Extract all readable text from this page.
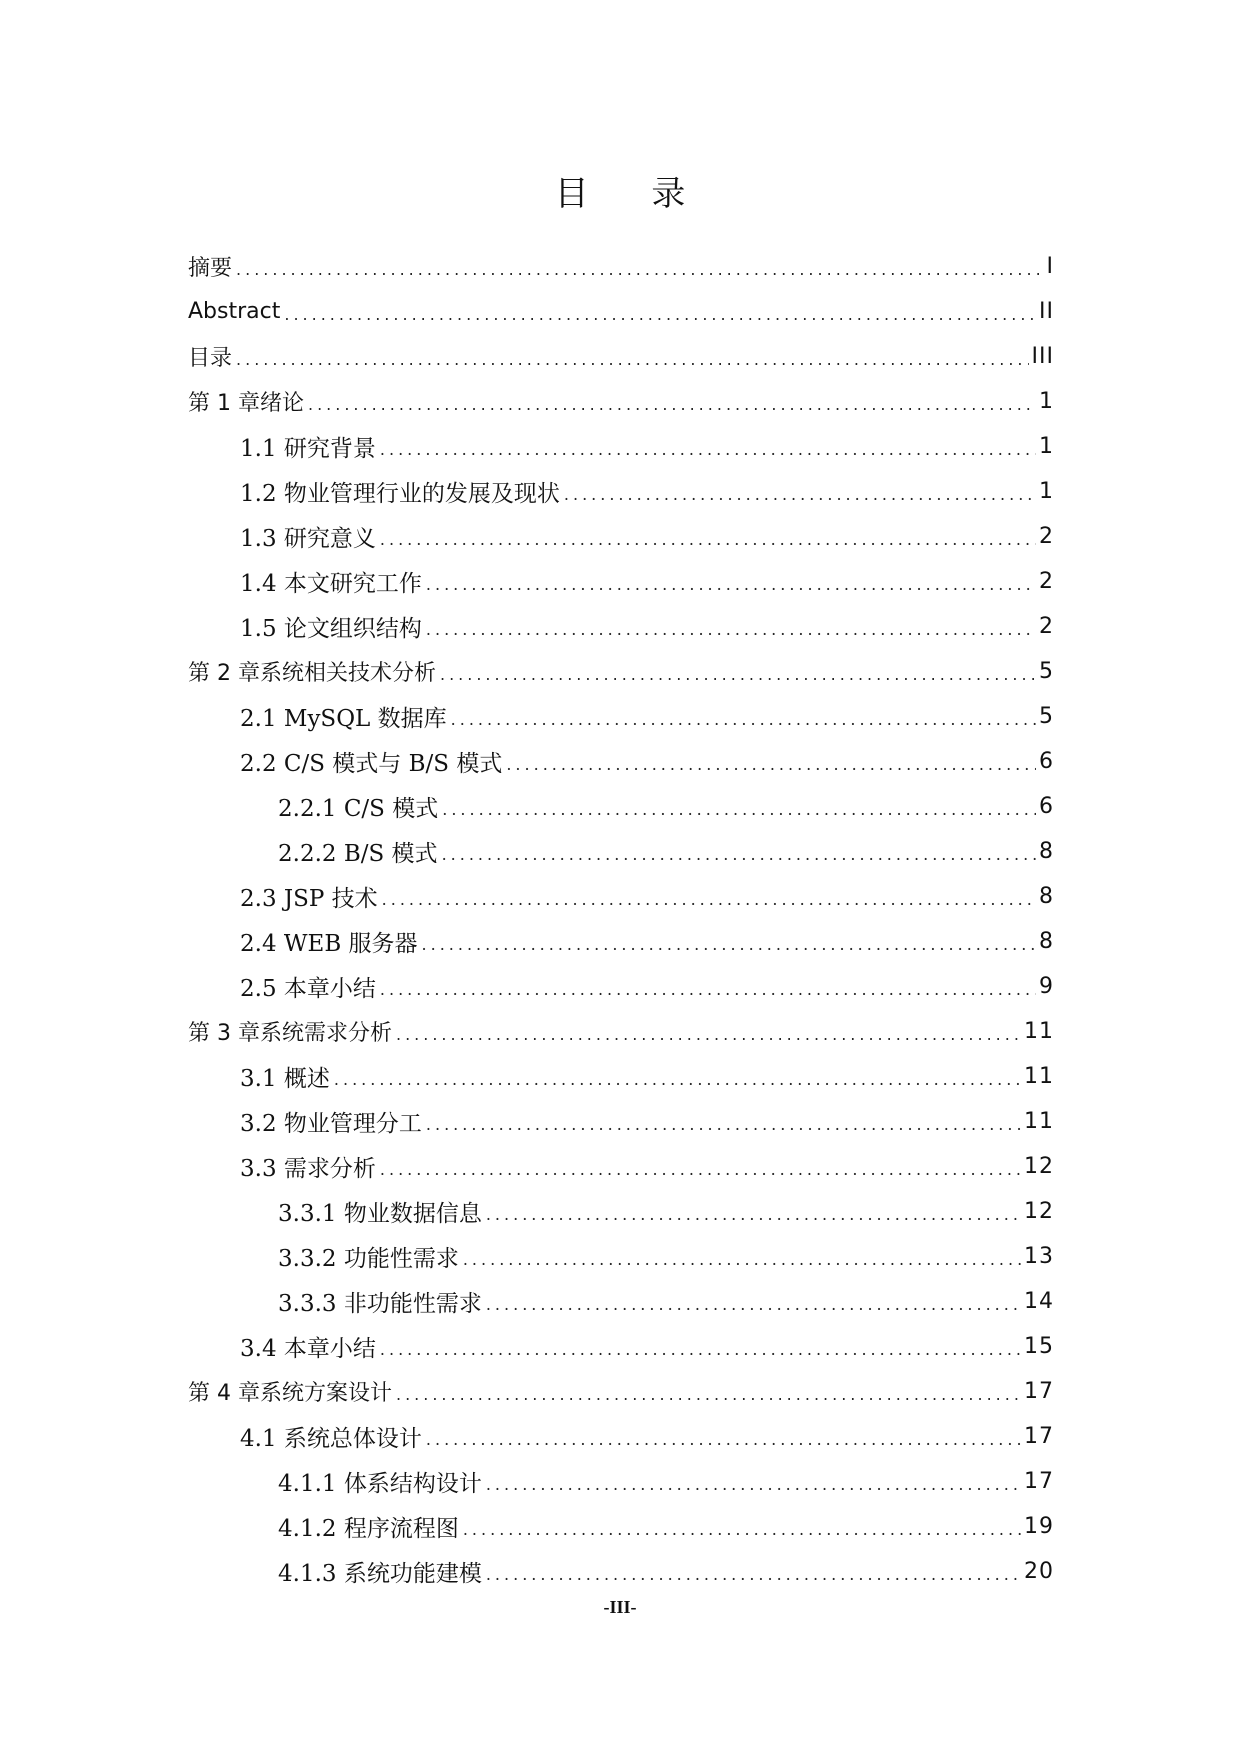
目 录
摘要 .....	I
Abstract .....	II
目录 .....	III
第 1 章绪论 .....	1
1.1 研究背景 .....	1
1.2 物业管理行业的发展及现状 .....	1
1.3 研究意义 .....	2
1.4 本文研究工作 .....	2
1.5 论文组织结构 .....	2
第 2 章系统相关技术分析 .....	5
2.1 MySQL 数据库 .....	5
2.2 C/S 模式与 B/S 模式 .....	6
2.2.1 C/S 模式 .....	6
2.2.2 B/S 模式 .....	8
2.3 JSP 技术 .....	8
2.4 WEB 服务器 .....	8
2.5 本章小结 .....	9
第 3 章系统需求分析 .....	11
3.1 概述 .....	11
3.2 物业管理分工 .....	11
3.3 需求分析 .....	12
3.3.1 物业数据信息 .....	12
3.3.2 功能性需求 .....	13
3.3.3 非功能性需求 .....	14
3.4 本章小结 .....	15
第 4 章系统方案设计 .....	17
4.1 系统总体设计 .....	17
4.1.1 体系结构设计 .....	17
4.1.2 程序流程图 .....	19
4.1.3 系统功能建模 .....	20
-III-
